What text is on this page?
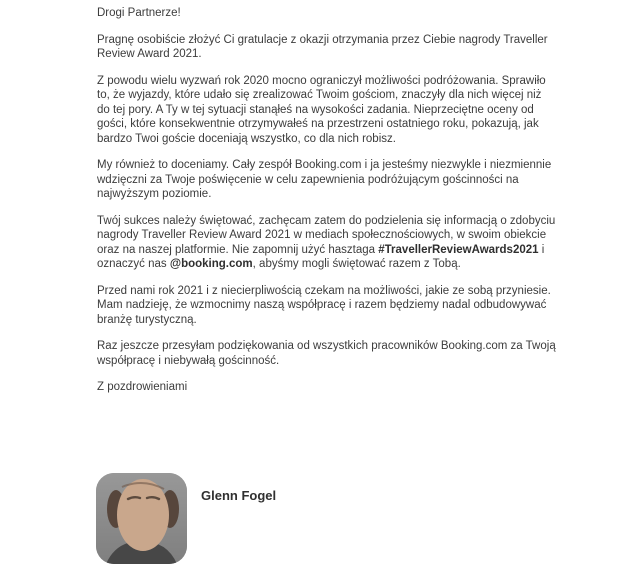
Drogi Partnerze!

Pragnę osobiście złożyć Ci gratulacje z okazji otrzymania przez Ciebie nagrody Traveller Review Award 2021.

Z powodu wielu wyzwań rok 2020 mocno ograniczył możliwości podróżowania. Sprawiło to, że wyjazdy, które udało się zrealizować Twoim gościom, znaczyły dla nich więcej niż do tej pory. A Ty w tej sytuacji stanąłeś na wysokości zadania. Nieprzeciętne oceny od gości, które konsekwentnie otrzymywałeś na przestrzeni ostatniego roku, pokazują, jak bardzo Twoi goście doceniają wszystko, co dla nich robisz.

My również to doceniamy. Cały zespół Booking.com i ja jesteśmy niezwykle i niezmiennie wdzięczni za Twoje poświęcenie w celu zapewnienia podróżującym gościnności na najwyższym poziomie.

Twój sukces należy świętować, zachęcam zatem do podzielenia się informacją o zdobyciu nagrody Traveller Review Award 2021 w mediach społecznościowych, w swoim obiekcie oraz na naszej platformie. Nie zapomnij użyć hasztaga #TravellerReviewAwards2021 i oznaczyć nas @booking.com, abyśmy mogli świętować razem z Tobą.

Przed nami rok 2021 i z niecierpliwością czekam na możliwości, jakie ze sobą przyniesie. Mam nadzieję, że wzmocnimy naszą współpracę i razem będziemy nadal odbudowywać branżę turystyczną.

Raz jeszcze przesyłam podziękowania od wszystkich pracowników Booking.com za Twoją współpracę i niebywałą gościnność.

Z pozdrowieniami

Glenn Fogel
